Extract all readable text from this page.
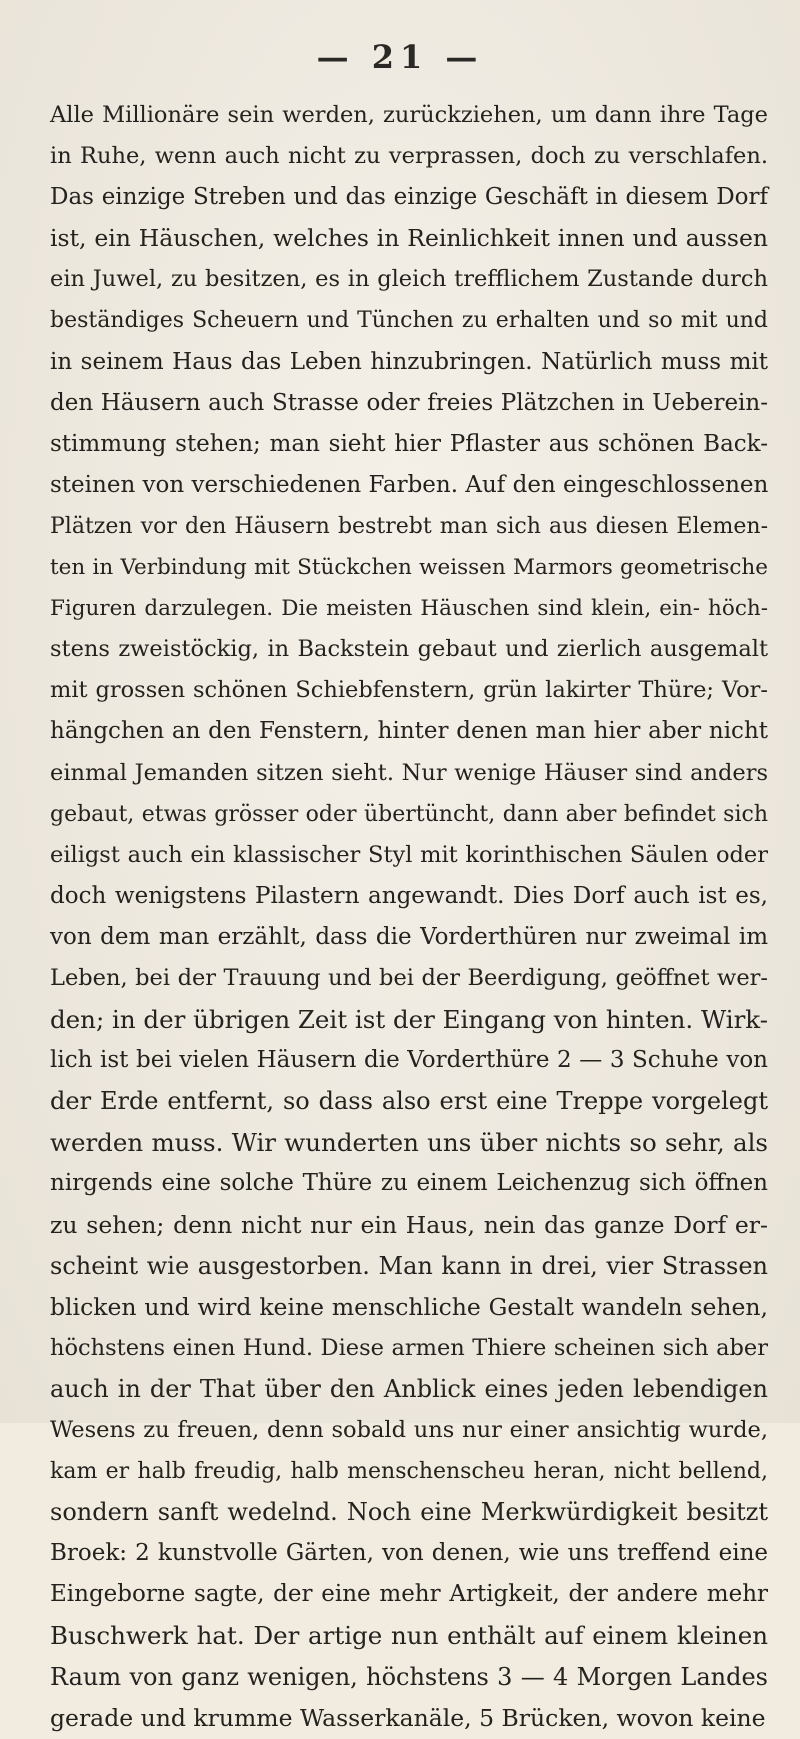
— 21 —
Alle Millionäre sein werden, zurückziehen, um dann ihre Tage
in Ruhe, wenn auch nicht zu verprassen, doch zu verschlafen.
Das einzige Streben und das einzige Geschäft in diesem Dorf
ist, ein Häuschen, welches in Reinlichkeit innen und aussen
ein Juwel, zu besitzen, es in gleich trefflichem Zustande durch
beständiges Scheuern und Tünchen zu erhalten und so mit und
in seinem Haus das Leben hinzubringen. Natürlich muss mit
den Häusern auch Strasse oder freies Plätzchen in Ueberein-
stimmung stehen; man sieht hier Pflaster aus schönen Back-
steinen von verschiedenen Farben. Auf den eingeschlossenen
Plätzen vor den Häusern bestrebt man sich aus diesen Elemen-
ten in Verbindung mit Stückchen weissen Marmors geometrische
Figuren darzulegen. Die meisten Häuschen sind klein, ein- höch-
stens zweistöckig, in Backstein gebaut und zierlich ausgemalt
mit grossen schönen Schiebfenstern, grün lakirter Thüre; Vor-
hängchen an den Fenstern, hinter denen man hier aber nicht
einmal Jemanden sitzen sieht. Nur wenige Häuser sind anders
gebaut, etwas grösser oder übertüncht, dann aber befindet sich
eiligst auch ein klassischer Styl mit korinthischen Säulen oder
doch wenigstens Pilastern angewandt. Dies Dorf auch ist es,
von dem man erzählt, dass die Vorderthüren nur zweimal im
Leben, bei der Trauung und bei der Beerdigung, geöffnet wer-
den; in der übrigen Zeit ist der Eingang von hinten. Wirk-
lich ist bei vielen Häusern die Vorderthüre 2 — 3 Schuhe von
der Erde entfernt, so dass also erst eine Treppe vorgelegt
werden muss. Wir wunderten uns über nichts so sehr, als
nirgends eine solche Thüre zu einem Leichenzug sich öffnen
zu sehen; denn nicht nur ein Haus, nein das ganze Dorf er-
scheint wie ausgestorben. Man kann in drei, vier Strassen
blicken und wird keine menschliche Gestalt wandeln sehen,
höchstens einen Hund. Diese armen Thiere scheinen sich aber
auch in der That über den Anblick eines jeden lebendigen
Wesens zu freuen, denn sobald uns nur einer ansichtig wurde,
kam er halb freudig, halb menschenscheu heran, nicht bellend,
sondern sanft wedelnd. Noch eine Merkwürdigkeit besitzt
Broek: 2 kunstvolle Gärten, von denen, wie uns treffend eine
Eingeborne sagte, der eine mehr Artigkeit, der andere mehr
Buschwerk hat. Der artige nun enthält auf einem kleinen
Raum von ganz wenigen, höchstens 3 — 4 Morgen Landes
gerade und krumme Wasserkanäle, 5 Brücken, wovon keine
